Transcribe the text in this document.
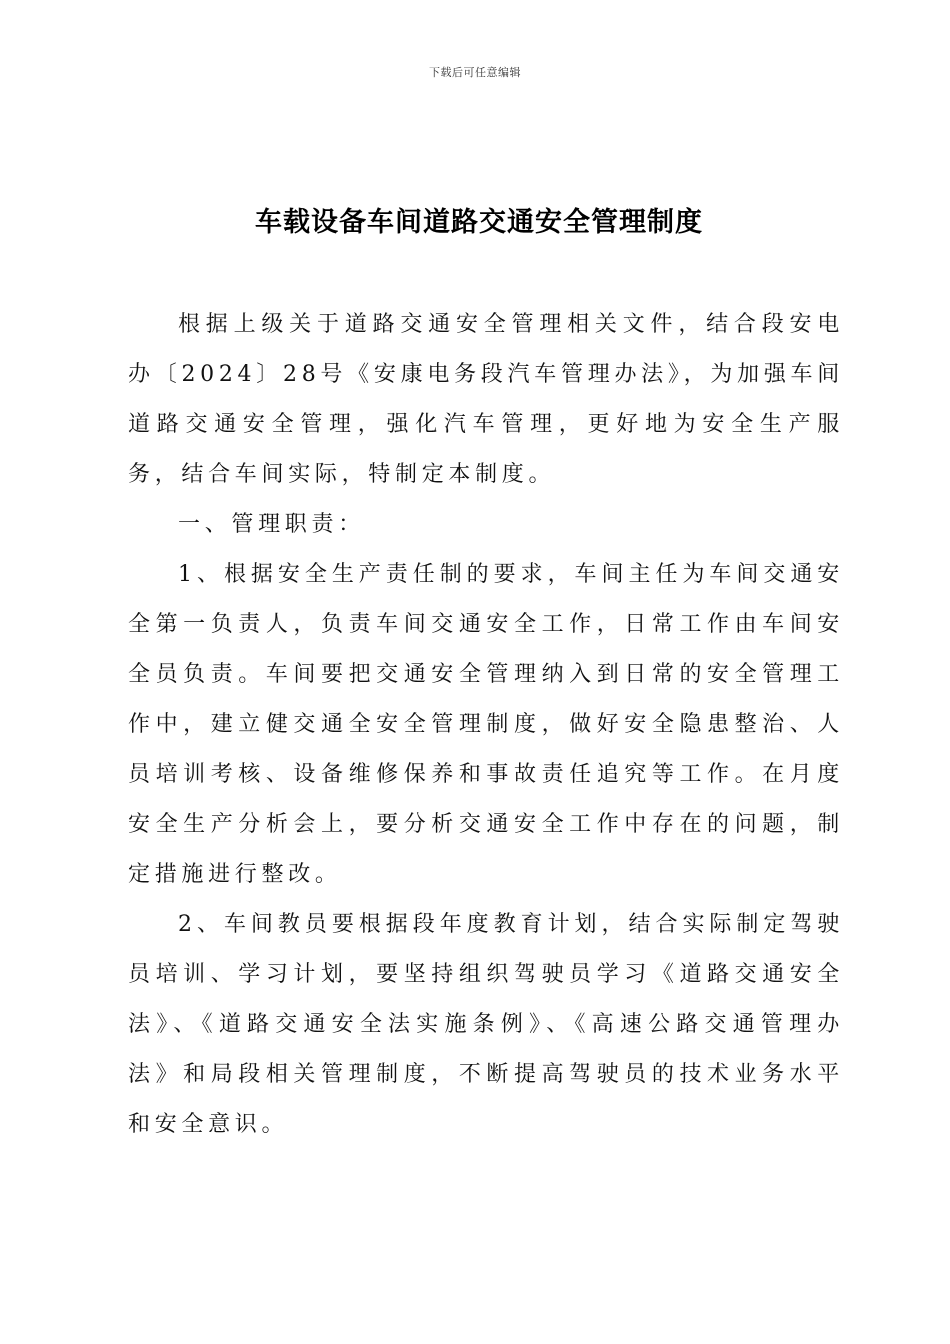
下载后可任意编辑
车载设备车间道路交通安全管理制度

根据上级关于道路交通安全管理相关文件，结合段安电办〔2024〕28号《安康电务段汽车管理办法》，为加强车间道路交通安全管理，强化汽车管理，更好地为安全生产服务，结合车间实际，特制定本制度。

一、管理职责：

1、根据安全生产责任制的要求，车间主任为车间交通安全第一负责人，负责车间交通安全工作，日常工作由车间安全员负责。车间要把交通安全管理纳入到日常的安全管理工作中，建立健交通全安全管理制度，做好安全隐患整治、人员培训考核、设备维修保养和事故责任追究等工作。在月度安全生产分析会上，要分析交通安全工作中存在的问题，制定措施进行整改。

2、车间教员要根据段年度教育计划，结合实际制定驾驶员培训、学习计划，要坚持组织驾驶员学习《道路交通安全法》、《道路交通安全法实施条例》、《高速公路交通管理办法》和局段相关管理制度，不断提高驾驶员的技术业务水平和安全意识。
